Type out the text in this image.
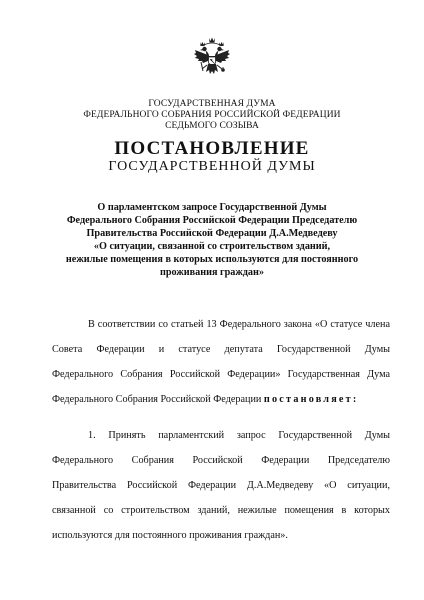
ГОСУДАРСТВЕННАЯ ДУМА
ФЕДЕРАЛЬНОГО СОБРАНИЯ РОССИЙСКОЙ ФЕДЕРАЦИИ
СЕДЬМОГО СОЗЫВА
ПОСТАНОВЛЕНИЕ
ГОСУДАРСТВЕННОЙ ДУМЫ
О парламентском запросе Государственной Думы
Федерального Собрания Российской Федерации Председателю
Правительства Российской Федерации Д.А.Медведеву
«О ситуации, связанной со строительством зданий,
нежилые помещения в которых используются для постоянного
проживания граждан»
В соответствии со статьей 13 Федерального закона «О статусе члена
Совета Федерации и статусе депутата Государственной Думы
Федерального Собрания Российской Федерации» Государственная Дума
Федерального Собрания Российской Федерации постановляет:
1. Принять парламентский запрос Государственной Думы
Федерального Собрания Российской Федерации Председателю
Правительства Российской Федерации Д.А.Медведеву «О ситуации,
связанной со строительством зданий, нежилые помещения в которых
используются для постоянного проживания граждан».
